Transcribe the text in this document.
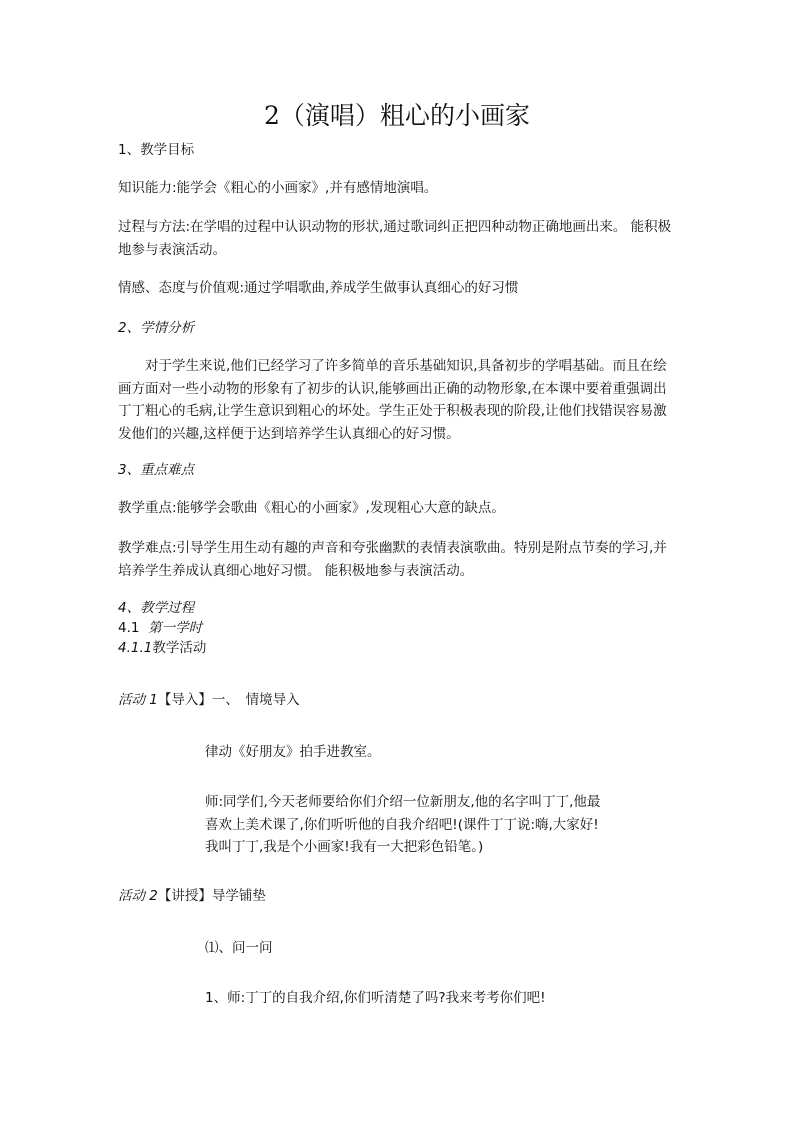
2（演唱）粗心的小画家
1、教学目标
知识能力:能学会《粗心的小画家》,并有感情地演唱。
过程与方法:在学唱的过程中认识动物的形状,通过歌词纠正把四种动物正确地画出来。 能积极地参与表演活动。
情感、态度与价值观:通过学唱歌曲,养成学生做事认真细心的好习惯
2、学情分析
对于学生来说,他们已经学习了许多简单的音乐基础知识,具备初步的学唱基础。而且在绘画方面对一些小动物的形象有了初步的认识,能够画出正确的动物形象,在本课中要着重强调出丁丁粗心的毛病,让学生意识到粗心的坏处。学生正处于积极表现的阶段,让他们找错误容易激发他们的兴趣,这样便于达到培养学生认真细心的好习惯。
3、重点难点
教学重点:能够学会歌曲《粗心的小画家》,发现粗心大意的缺点。
教学难点:引导学生用生动有趣的声音和夸张幽默的表情表演歌曲。特别是附点节奏的学习,并培养学生养成认真细心地好习惯。 能积极地参与表演活动。
4、教学过程
4.1 第一学时
4.1.1教学活动
活动 1【导入】一、　情境导入
律动《好朋友》拍手进教室。
师:同学们,今天老师要给你们介绍一位新朋友,他的名字叫丁丁,他最喜欢上美术课了,你们听听他的自我介绍吧!(课件丁丁说:嗨,大家好!我叫丁丁,我是个小画家!我有一大把彩色铅笔。)
活动 2【讲授】导学铺垫
⑴、问一问
1、师:丁丁的自我介绍,你们听清楚了吗?我来考考你们吧!
